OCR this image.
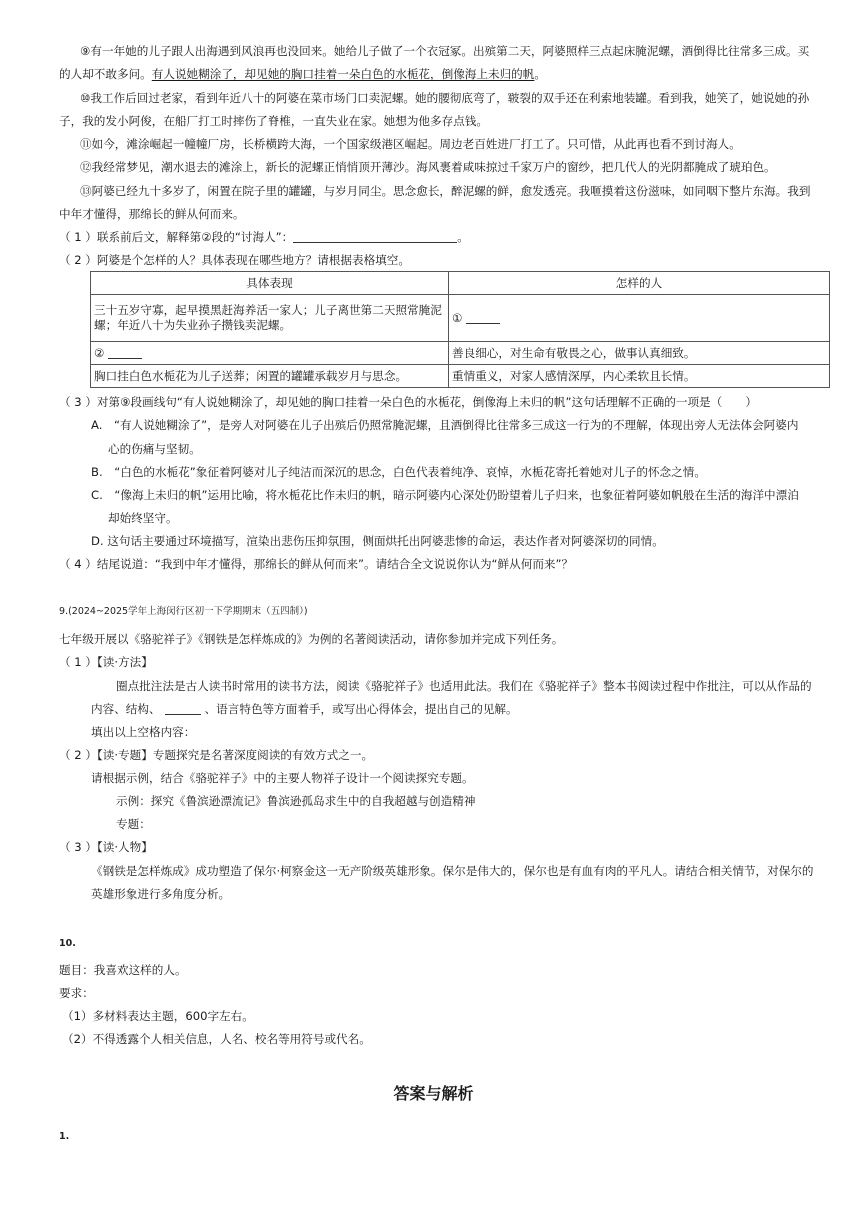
⑨有一年她的儿子跟人出海遇到风浪再也没回来。她给儿子做了一个衣冠冢。出殡第二天，阿婆照样三点起床腌泥螺，酒倒得比往常多三成。买
的人却不敢多问。有人说她糊涂了，却见她的胸口挂着一朵白色的水栀花，倒像海上未归的帆。
⑩我工作后回过老家，看到年近八十的阿婆在菜市场门口卖泥螺。她的腰彻底弯了，皲裂的双手还在利索地装罐。看到我，她笑了，她说她的孙
子，我的发小阿俊，在船厂打工时摔伤了脊椎，一直失业在家。她想为他多存点钱。
⑪如今，滩涂崛起一幢幢厂房，长桥横跨大海，一个国家级港区崛起。周边老百姓进厂打工了。只可惜，从此再也看不到讨海人。
⑫我经常梦见，潮水退去的滩涂上，新长的泥螺正悄悄顶开薄沙。海风裹着咸味掠过千家万户的窗纱，把几代人的光阴都腌成了琥珀色。
⑬阿婆已经九十多岁了，闲置在院子里的罐罐，与岁月同尘。思念愈长，醉泥螺的鲜，愈发透亮。我咂摸着这份滋味，如同咽下整片东海。我到
中年才懂得，那绵长的鲜从何而来。
（ 1 ）联系前后文，解释第②段的“讨海人”：	。
（ 2 ）阿婆是个怎样的人？具体表现在哪些地方？请根据表格填空。
具体表现	怎样的人

三十五岁守寡，起早摸黑赶海养活一家人；儿子离世第二天照常腌泥
螺；年近八十为失业孙子攒钱卖泥螺。	①
②	善良细心，对生命有敬畏之心，做事认真细致。
胸口挂白色水栀花为儿子送葬；闲置的罐罐承载岁月与思念。	重情重义，对家人感情深厚，内心柔软且长情。
（ 3 ）对第⑨段画线句“有人说她糊涂了，却见她的胸口挂着一朵白色的水栀花，倒像海上未归的帆”这句话理解不正确的一项是（　　）
A.　“有人说她糊涂了”，是旁人对阿婆在儿子出殡后仍照常腌泥螺，且酒倒得比往常多三成这一行为的不理解，体现出旁人无法体会阿婆内
心的伤痛与坚韧。
B.　“白色的水栀花”象征着阿婆对儿子纯洁而深沉的思念，白色代表着纯净、哀悼，水栀花寄托着她对儿子的怀念之情。
C.　“像海上未归的帆”运用比喻，将水栀花比作未归的帆，暗示阿婆内心深处仍盼望着儿子归来，也象征着阿婆如帆般在生活的海洋中漂泊
却始终坚守。
D. 这句话主要通过环境描写，渲染出悲伤压抑氛围，侧面烘托出阿婆悲惨的命运，表达作者对阿婆深切的同情。
（ 4 ）结尾说道：“我到中年才懂得，那绵长的鲜从何而来”。请结合全文说说你认为“鲜从何而来”？
9.(2024~2025学年上海闵行区初一下学期期末（五四制）)
七年级开展以《骆驼祥子》《钢铁是怎样炼成的》为例的名著阅读活动，请你参加并完成下列任务。
（ 1 ）【读·方法】
圈点批注法是古人读书时常用的读书方法，阅读《骆驼祥子》也适用此法。我们在《骆驼祥子》整本书阅读过程中作批注，可以从作品的
内容、结构、	、语言特色等方面着手，或写出心得体会，提出自己的见解。
填出以上空格内容：
（ 2 ）【读·专题】专题探究是名著深度阅读的有效方式之一。
请根据示例，结合《骆驼祥子》中的主要人物祥子设计一个阅读探究专题。
示例：探究《鲁滨逊漂流记》鲁滨逊孤岛求生中的自我超越与创造精神
专题：
（ 3 ）【读·人物】
《钢铁是怎样炼成》成功塑造了保尔·柯察金这一无产阶级英雄形象。保尔是伟大的，保尔也是有血有肉的平凡人。请结合相关情节，对保尔的
英雄形象进行多角度分析。
10.
题目：我喜欢这样的人。
要求：
（1）多材料表达主题，600字左右。
（2）不得透露个人相关信息，人名、校名等用符号或代名。
答案与解析
1.
